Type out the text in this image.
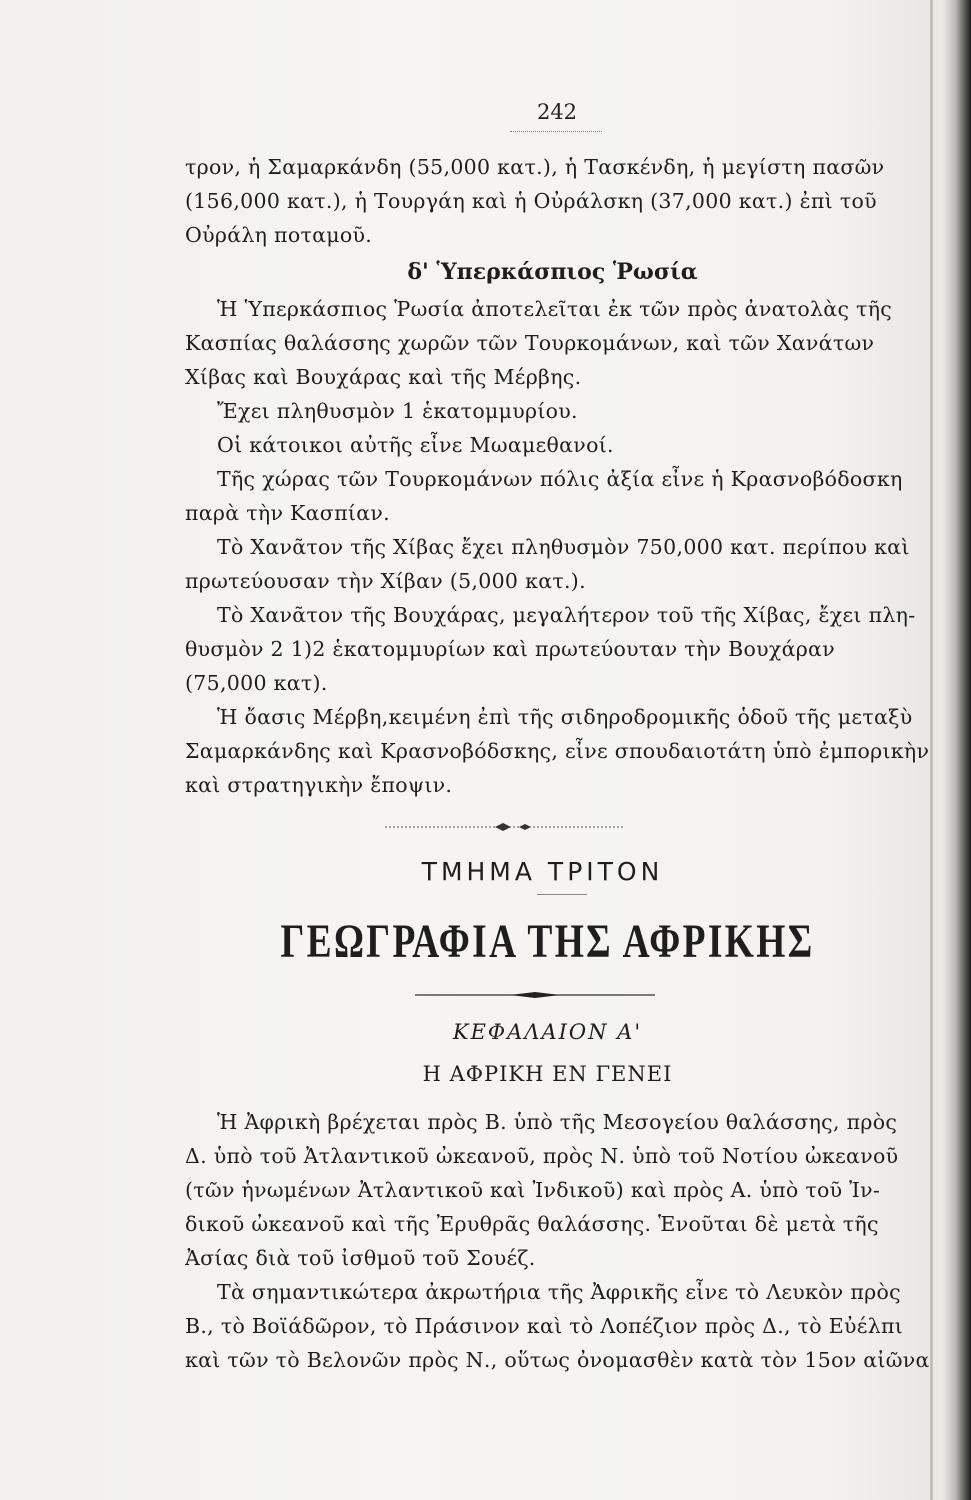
242
τρον, ἡ Σαμαρκάνδη (55,000 κατ.), ἡ Τασκένδη, ἡ μεγίστη πασῶν
(156,000 κατ.), ἡ Τουργάη καὶ ἡ Οὐράλσκη (37,000 κατ.) ἐπὶ τοῦ
Οὐράλη ποταμοῦ.
δ' Ὑπερκάσπιος Ῥωσία
Ἡ Ὑπερκάσπιος Ῥωσία ἀποτελεῖται ἐκ τῶν πρὸς ἀνατολὰς τῆς
Κασπίας θαλάσσης χωρῶν τῶν Τουρκομάνων, καὶ τῶν Χανάτων
Χίβας καὶ Βουχάρας καὶ τῆς Μέρβης.
Ἔχει πληθυσμὸν 1 ἑκατομμυρίου.
Οἱ κάτοικοι αὐτῆς εἶνε Μωαμεθανοί.
Τῆς χώρας τῶν Τουρκομάνων πόλις ἀξία εἶνε ἡ Κρασνοβόδοσκη
παρὰ τὴν Κασπίαν.
Τὸ Χανᾶτον τῆς Χίβας ἔχει πληθυσμὸν 750,000 κατ. περίπου καὶ
πρωτεύουσαν τὴν Χίβαν (5,000 κατ.).
Τὸ Χανᾶτον τῆς Βουχάρας, μεγαλήτερον τοῦ τῆς Χίβας, ἔχει πλη-
θυσμὸν 2 1)2 ἑκατομμυρίων καὶ πρωτεύουταν τὴν Βουχάραν
(75,000 κατ).
Ἡ ὄασις Μέρβη,κειμένη ἐπὶ τῆς σιδηροδρομικῆς ὁδοῦ τῆς μεταξὺ
Σαμαρκάνδης καὶ Κρασνοβόδσκης, εἶνε σπουδαιοτάτη ὑπὸ ἐμπορικὴν
καὶ στρατηγικὴν ἔποψιν.
ΤΜΗΜΑ ΤΡΙΤΟΝ
ΓΕΩΓΡΑΦΙΑ ΤΗΣ ΑΦΡΙΚΗΣ
ΚΕΦΑΛΑΙΟΝ Α'
Η ΑΦΡΙΚΗ ΕΝ ΓΕΝΕΙ
Ἡ Ἀφρικὴ βρέχεται πρὸς Β. ὑπὸ τῆς Μεσογείου θαλάσσης, πρὸς
Δ. ὑπὸ τοῦ Ἀτλαντικοῦ ὠκεανοῦ, πρὸς Ν. ὑπὸ τοῦ Νοτίου ὠκεανοῦ
(τῶν ἡνωμένων Ἀτλαντικοῦ καὶ Ἰνδικοῦ) καὶ πρὸς Α. ὑπὸ τοῦ Ἰν-
δικοῦ ὠκεανοῦ καὶ τῆς Ἐρυθρᾶς θαλάσσης. Ἑνοῦται δὲ μετὰ τῆς
Ἀσίας διὰ τοῦ ἰσθμοῦ τοῦ Σουέζ.
Τὰ σημαντικώτερα ἀκρωτήρια τῆς Ἀφρικῆς εἶνε τὸ Λευκὸν πρὸς
Β., τὸ Βοϊάδῶρον, τὸ Πράσινον καὶ τὸ Λοπέζιον πρὸς Δ., τὸ Εὐέλπι
καὶ τῶν τὸ Βελονῶν πρὸς Ν., οὕτως ὀνομασθὲν κατὰ τὸν 15ον αἰῶνα
